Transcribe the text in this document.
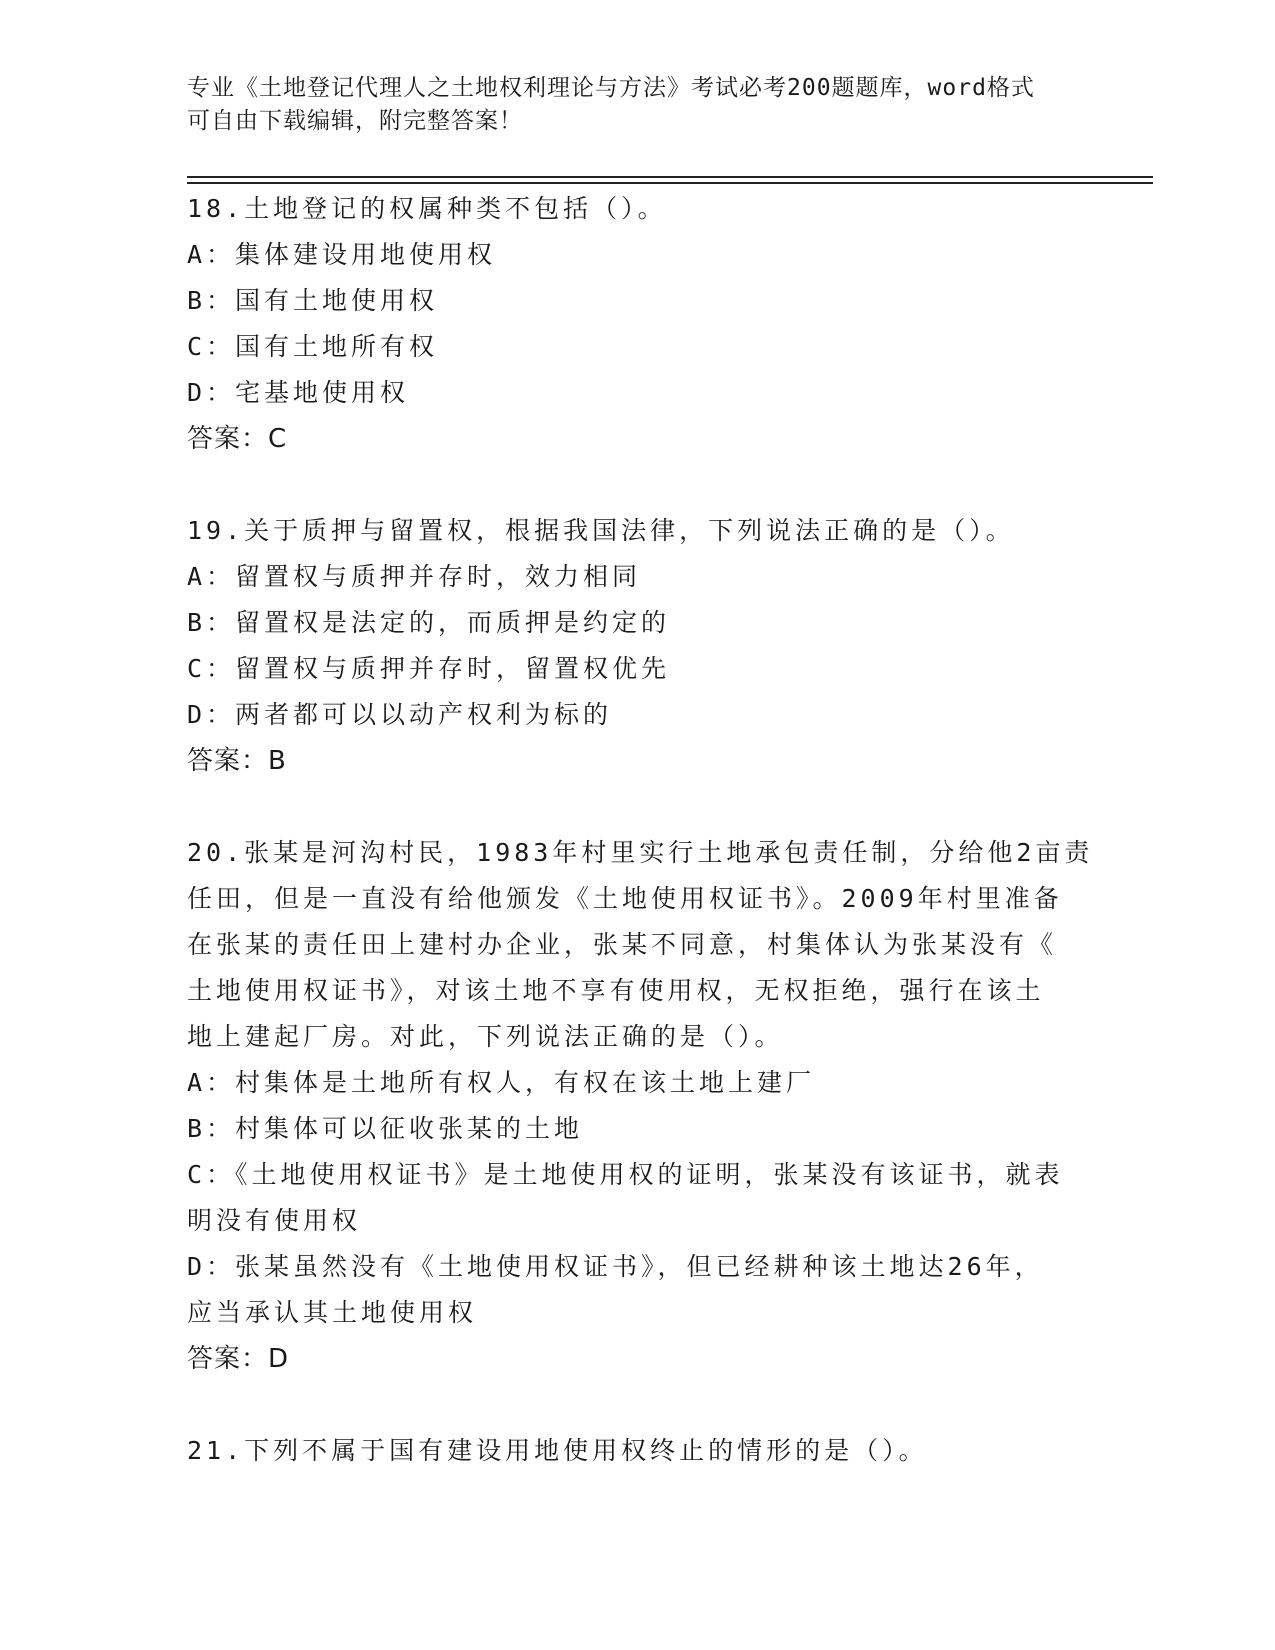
专业《土地登记代理人之土地权利理论与方法》考试必考200题题库，word格式
可自由下载编辑，附完整答案！
18.土地登记的权属种类不包括（）。
A：集体建设用地使用权
B：国有土地使用权
C：国有土地所有权
D：宅基地使用权
答案：C
19.关于质押与留置权，根据我国法律，下列说法正确的是（）。
A：留置权与质押并存时，效力相同
B：留置权是法定的，而质押是约定的
C：留置权与质押并存时，留置权优先
D：两者都可以以动产权利为标的
答案：B
20.张某是河沟村民，1983年村里实行土地承包责任制，分给他2亩责
任田，但是一直没有给他颁发《土地使用权证书》。2009年村里准备
在张某的责任田上建村办企业，张某不同意，村集体认为张某没有《
土地使用权证书》，对该土地不享有使用权，无权拒绝，强行在该土
地上建起厂房。对此，下列说法正确的是（）。
A：村集体是土地所有权人，有权在该土地上建厂
B：村集体可以征收张某的土地
C：《土地使用权证书》是土地使用权的证明，张某没有该证书，就表
明没有使用权
D：张某虽然没有《土地使用权证书》，但已经耕种该土地达26年，
应当承认其土地使用权
答案：D
21.下列不属于国有建设用地使用权终止的情形的是（）。
